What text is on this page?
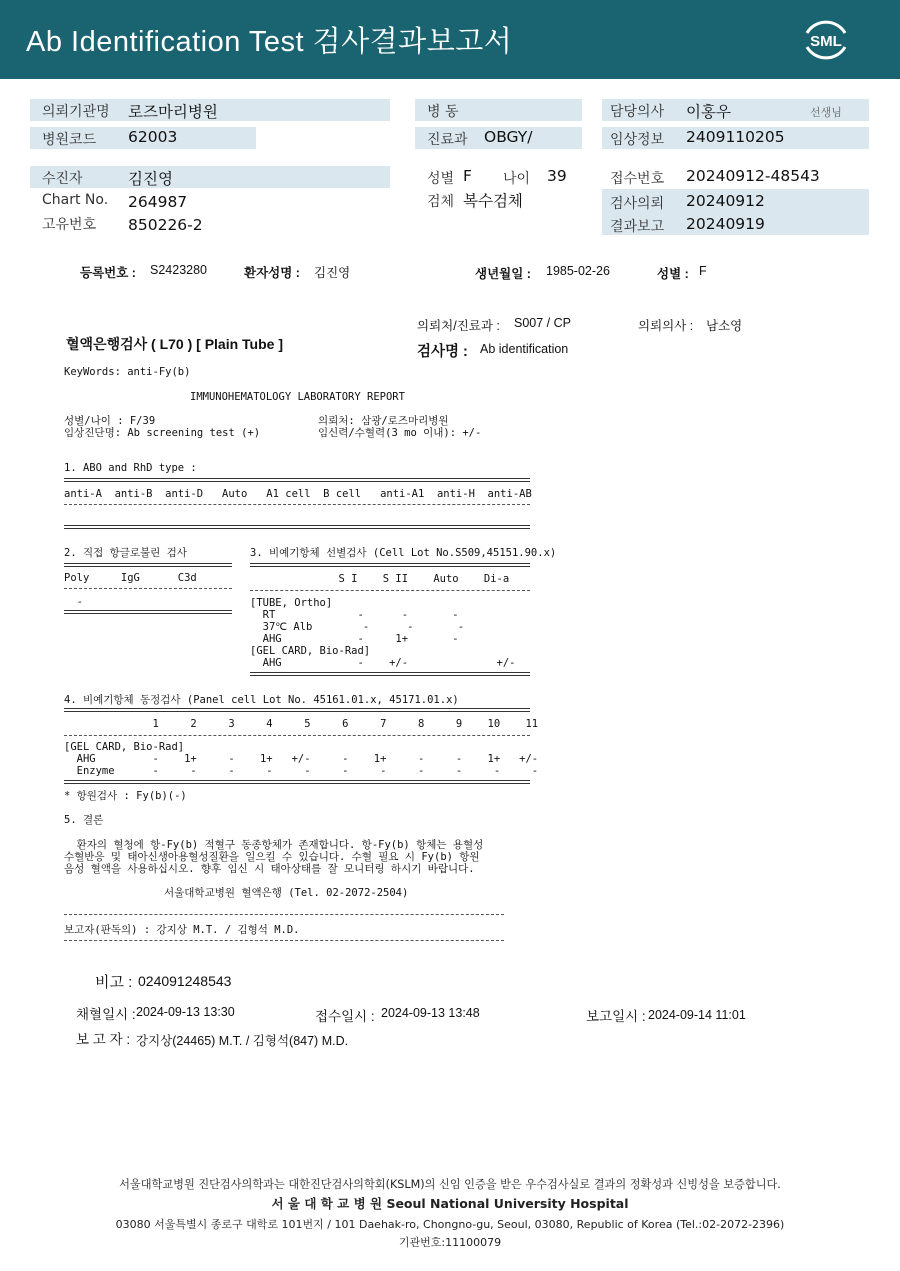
Ab Identification Test 검사결과보고서	SML
의뢰기관명 로즈마리병원
병원코드 62003
수진자	김진영
Chart No. 264987
고유번호 850226-2
병 동
진료과 OBGY/
성별 F 나이 39
검체 복수검체
담당의사 이홍우	선생님
임상정보 2409110205
접수번호 20240912-48543
검사의뢰 20240912
결과보고 20240919
등록번호 : S2423280	환자성명 : 김진영	생년월일 : 1985-02-26	성별 : F
의뢰처/진료과 : S007 / CP	의뢰의사 : 남소영
혈액은행검사 ( L70 ) [ Plain Tube ]	검사명 : Ab identification
KeyWords: anti-Fy(b)
IMMUNOHEMATOLOGY LABORATORY REPORT
성별/나이 : F/39
임상진단명: Ab screening test (+)
의뢰처: 삼광/로즈마리병원
임신력/수혈력(3 mo 이내): +/-
1. ABO and RhD type :
anti-A  anti-B  anti-D   Auto   A1 cell  B cell   anti-A1  anti-H  anti-AB
2. 직접 항글로불린 검사
Poly     IgG      C3d
-
3. 비예기항체 선별검사 (Cell Lot No.S509,45151.90.x)
S I    S II    Auto    Di-a
[TUBE, Ortho]
RT             -      -       -
37℃ Alb        -      -       -
AHG            -     1+       -
[GEL CARD, Bio-Rad]
AHG            -    +/-              +/-
4. 비예기항체 동정검사 (Panel cell Lot No. 45161.01.x, 45171.01.x)
1     2     3     4     5     6     7     8     9    10    11
[GEL CARD, Bio-Rad]
AHG         -    1+     -    1+   +/-     -    1+     -     -    1+   +/-
Enzyme      -     -     -     -     -     -     -     -     -     -     -
* 항원검사 : Fy(b)(-)
5. 결론
환자의 혈청에 항-Fy(b) 적혈구 동종항체가 존재합니다. 항-Fy(b) 항체는 용혈성
수혈반응 및 태아신생아용혈성질환을 일으킬 수 있습니다. 수혈 필요 시 Fy(b) 항원
음성 혈액을 사용하십시오. 향후 임신 시 태아상태를 잘 모니터링 하시기 바랍니다.
서울대학교병원 혈액은행 (Tel. 02-2072-2504)
보고자(판독의) : 강지상 M.T. / 김형석 M.D.
비고 : 024091248543
채혈일시 : 2024-09-13 13:30	접수일시 : 2024-09-13 13:48	보고일시 : 2024-09-14 11:01
보 고 자 : 강지상(24465) M.T. / 김형석(847) M.D.
서울대학교병원 진단검사의학과는 대한진단검사의학회(KSLM)의 신임 인증을 받은 우수검사실로 결과의 정확성과 신빙성을 보증합니다.
서 울 대 학 교 병 원 Seoul National University Hospital
03080 서울특별시 종로구 대학로 101번지 / 101 Daehak-ro, Chongno-gu, Seoul, 03080, Republic of Korea (Tel.:02-2072-2396)
기관번호:11100079
